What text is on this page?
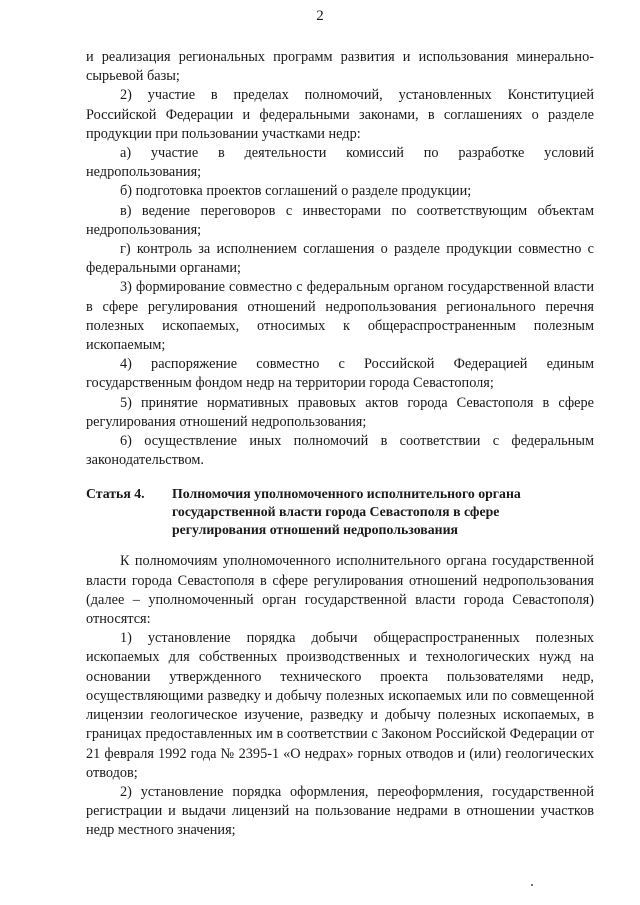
2

и реализация региональных программ развития и использования минерально-сырьевой базы;

2) участие в пределах полномочий, установленных Конституцией Российской Федерации и федеральными законами, в соглашениях о разделе продукции при пользовании участками недр:

а) участие в деятельности комиссий по разработке условий недропользования;

б) подготовка проектов соглашений о разделе продукции;

в) ведение переговоров с инвесторами по соответствующим объектам недропользования;

г) контроль за исполнением соглашения о разделе продукции совместно с федеральными органами;

3) формирование совместно с федеральным органом государственной власти в сфере регулирования отношений недропользования регионального перечня полезных ископаемых, относимых к общераспространенным полезным ископаемым;

4) распоряжение совместно с Российской Федерацией единым государственным фондом недр на территории города Севастополя;

5) принятие нормативных правовых актов города Севастополя в сфере регулирования отношений недропользования;

6) осуществление иных полномочий в соответствии с федеральным законодательством.

Статья 4.	Полномочия уполномоченного исполнительного органа государственной власти города Севастополя в сфере регулирования отношений недропользования

К полномочиям уполномоченного исполнительного органа государственной власти города Севастополя в сфере регулирования отношений недропользования (далее – уполномоченный орган государственной власти города Севастополя) относятся:

1) установление порядка добычи общераспространенных полезных ископаемых для собственных производственных и технологических нужд на основании утвержденного технического проекта пользователями недр, осуществляющими разведку и добычу полезных ископаемых или по совмещенной лицензии геологическое изучение, разведку и добычу полезных ископаемых, в границах предоставленных им в соответствии с Законом Российской Федерации от 21 февраля 1992 года № 2395-1 «О недрах» горных отводов и (или) геологических отводов;

2) установление порядка оформления, переоформления, государственной регистрации и выдачи лицензий на пользование недрами в отношении участков недр местного значения;
